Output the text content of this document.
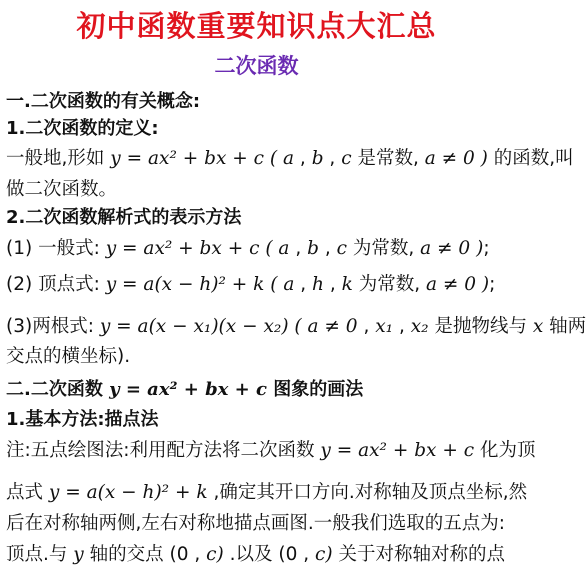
初中函数重要知识点大汇总
二次函数
一.二次函数的有关概念:
1.二次函数的定义:
一般地,形如 y = ax² + bx + c ( a , b , c 是常数, a ≠ 0 ) 的函数,叫
做二次函数。
2.二次函数解析式的表示方法
(1) 一般式: y = ax² + bx + c ( a , b , c 为常数, a ≠ 0 );
(2) 顶点式: y = a(x − h)² + k ( a , h , k 为常数, a ≠ 0 );
(3)两根式: y = a(x − x₁)(x − x₂) ( a ≠ 0 , x₁ , x₂ 是抛物线与 x 轴两
交点的横坐标).
二.二次函数 y = ax² + bx + c 图象的画法
1.基本方法:描点法
注:五点绘图法:利用配方法将二次函数 y = ax² + bx + c 化为顶
点式 y = a(x − h)² + k ,确定其开口方向.对称轴及顶点坐标,然
后在对称轴两侧,左右对称地描点画图.一般我们选取的五点为:
顶点.与 y 轴的交点 (0 , c) .以及 (0 , c) 关于对称轴对称的点
